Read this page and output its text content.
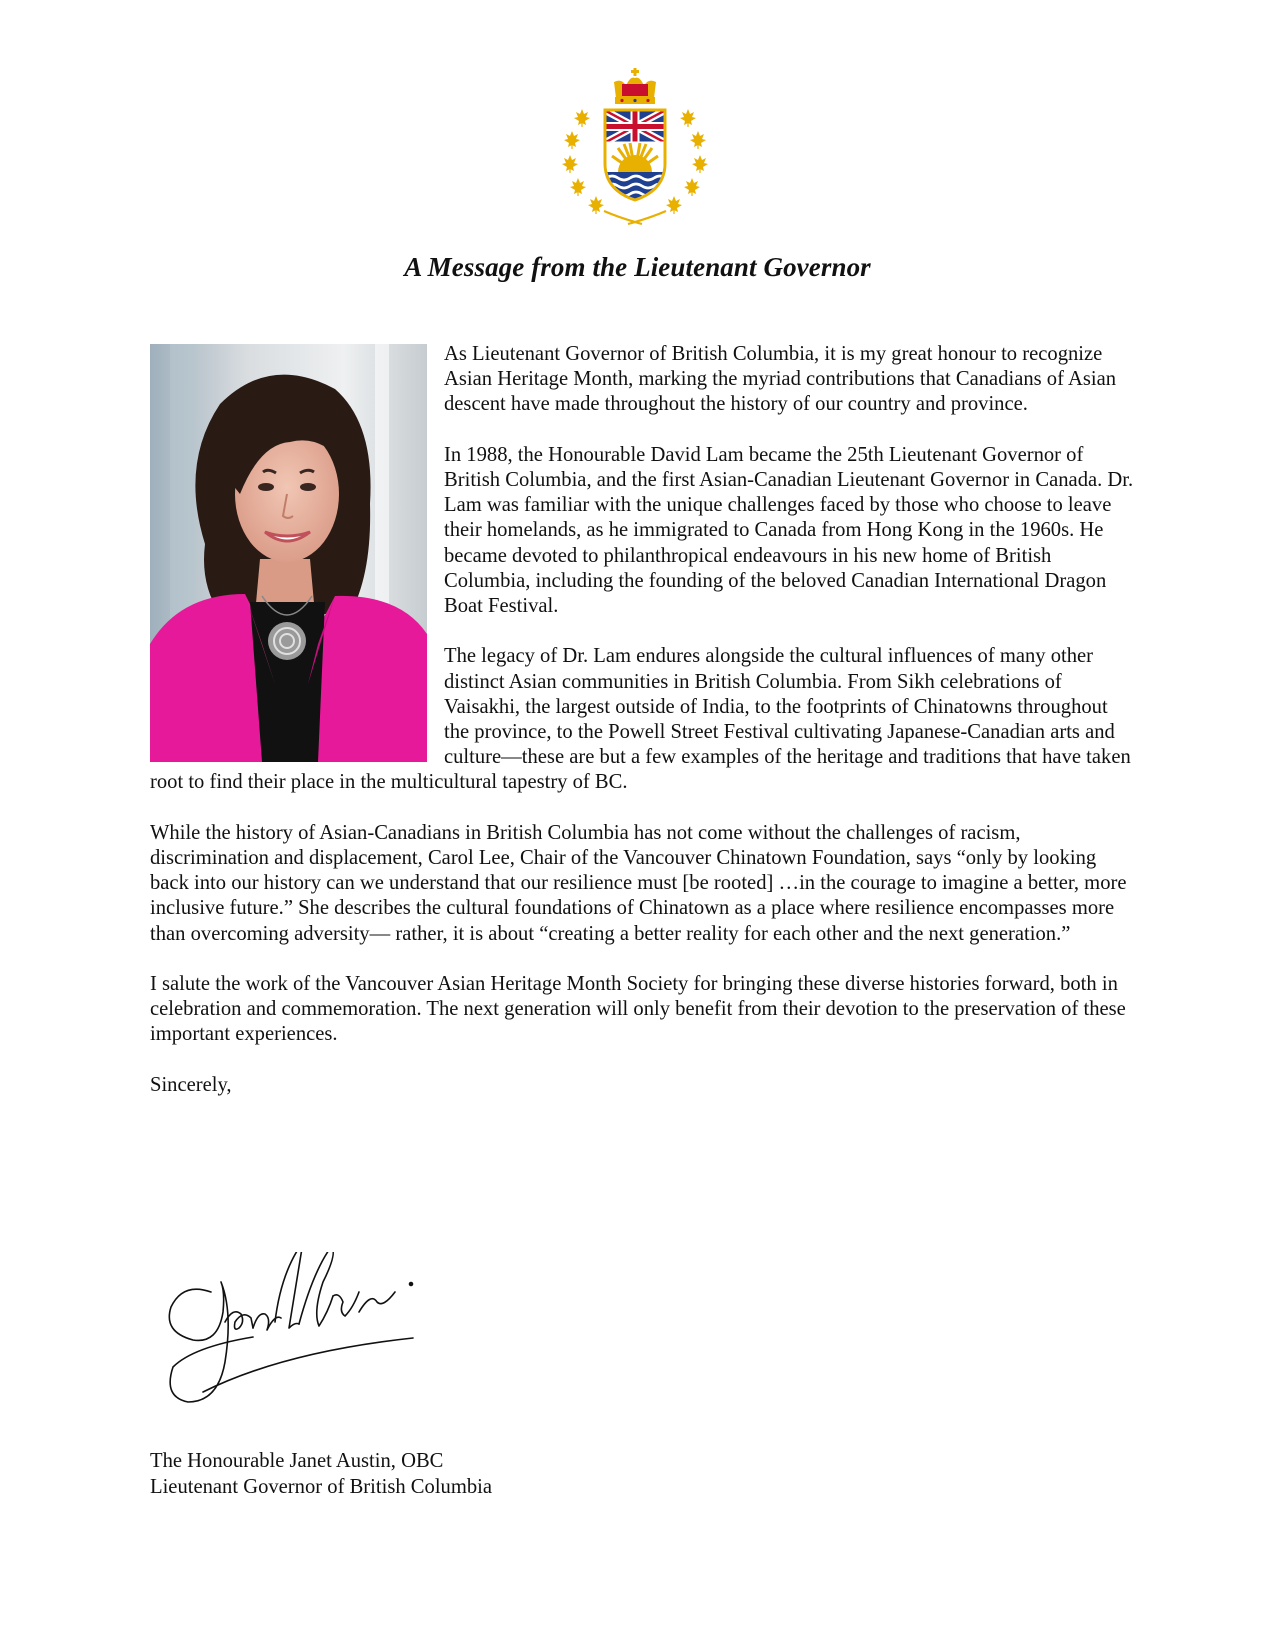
A Message from the Lieutenant Governor

As Lieutenant Governor of British Columbia, it is my great honour to recognize Asian Heritage Month, marking the myriad contributions that Canadians of Asian descent have made throughout the history of our country and province.

In 1988, the Honourable David Lam became the 25th Lieutenant Governor of British Columbia, and the first Asian-Canadian Lieutenant Governor in Canada. Dr. Lam was familiar with the unique challenges faced by those who choose to leave their homelands, as he immigrated to Canada from Hong Kong in the 1960s. He became devoted to philanthropical endeavours in his new home of British Columbia, including the founding of the beloved Canadian International Dragon Boat Festival.

The legacy of Dr. Lam endures alongside the cultural influences of many other distinct Asian communities in British Columbia. From Sikh celebrations of Vaisakhi, the largest outside of India, to the footprints of Chinatowns throughout the province, to the Powell Street Festival cultivating Japanese-Canadian arts and culture—these are but a few examples of the heritage and traditions that have taken root to find their place in the multicultural tapestry of BC.

While the history of Asian-Canadians in British Columbia has not come without the challenges of racism, discrimination and displacement, Carol Lee, Chair of the Vancouver Chinatown Foundation, says “only by looking back into our history can we understand that our resilience must [be rooted] …in the courage to imagine a better, more inclusive future.” She describes the cultural foundations of Chinatown as a place where resilience encompasses more than overcoming adversity— rather, it is about “creating a better reality for each other and the next generation.”

I salute the work of the Vancouver Asian Heritage Month Society for bringing these diverse histories forward, both in celebration and commemoration. The next generation will only benefit from their devotion to the preservation of these important experiences.

Sincerely,

The Honourable Janet Austin, OBC
Lieutenant Governor of British Columbia
